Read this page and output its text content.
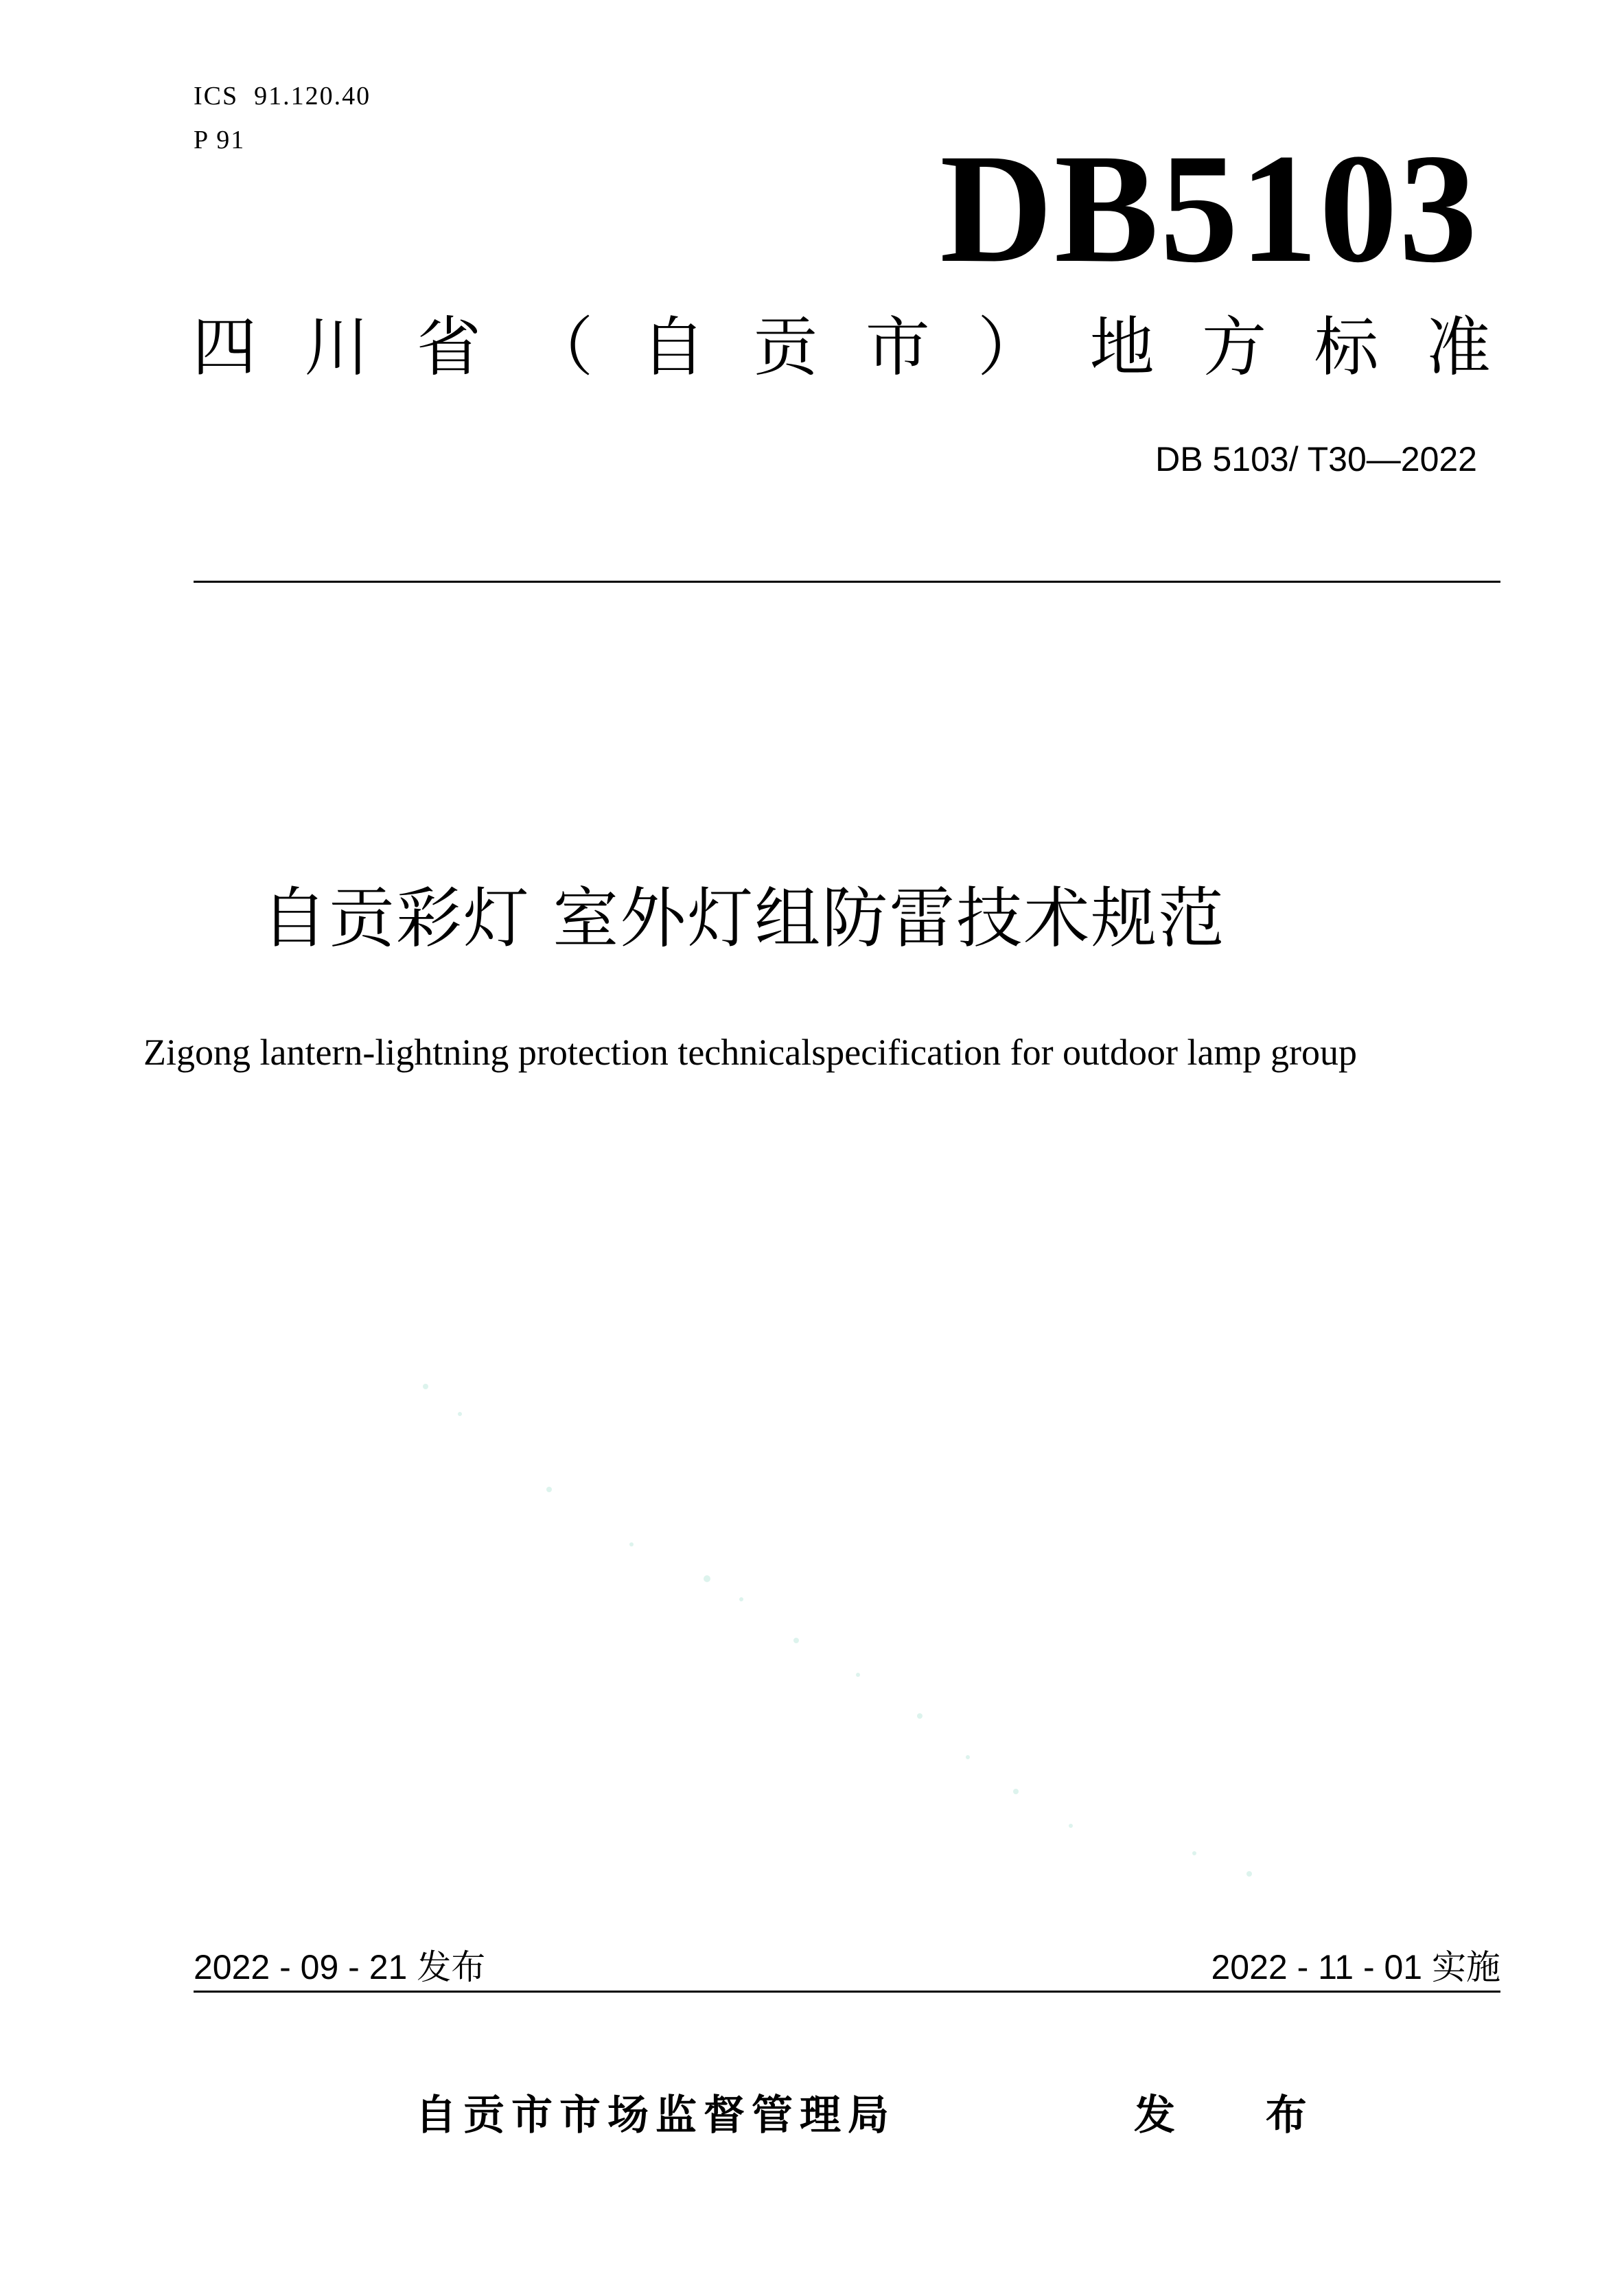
ICS  91.120.40
P 91	DB5103
四 川 省 （ 自 贡 市 ） 地 方 标 准
DB 5103/ T30—2022
自贡彩灯 室外灯组防雷技术规范
Zigong lantern-lightning protection technicalspecification for outdoor lamp group
2022 - 09 - 21 发布	2022 - 11 - 01 实施
自贡市市场监督管理局	发  布
